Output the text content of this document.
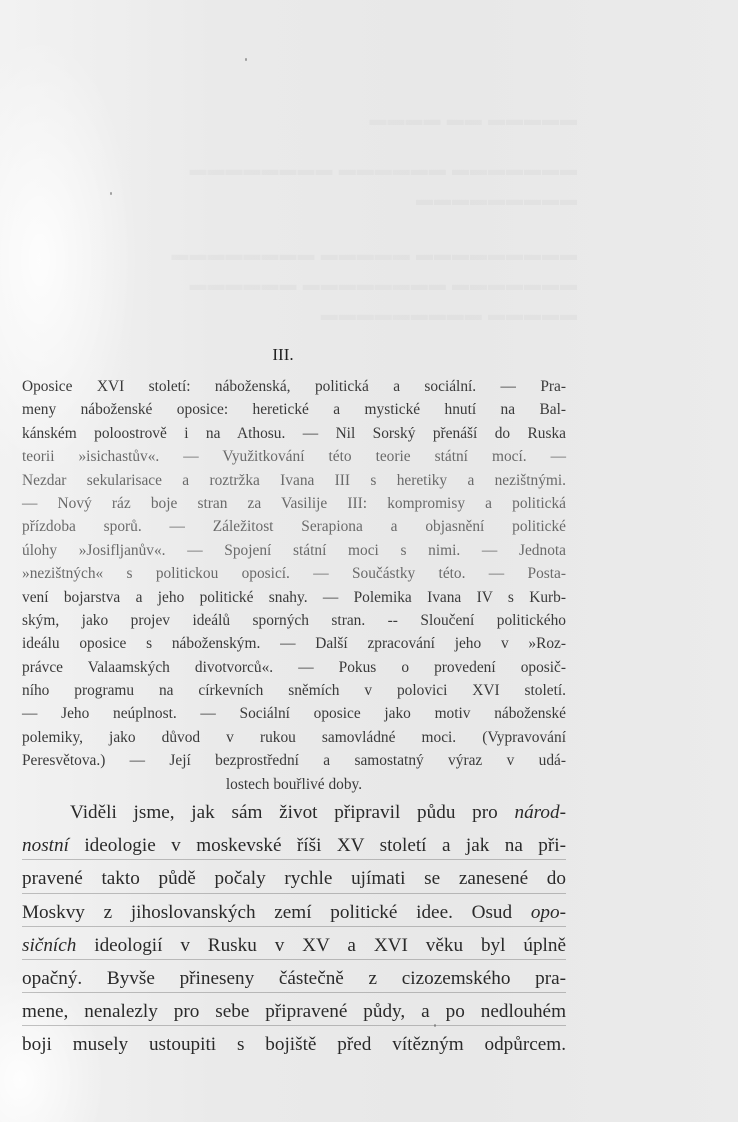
▬▬▬▬ ▬▬ ▬▬▬▬▬
▬▬▬▬▬▬▬▬ ▬▬▬▬▬▬ ▬▬▬▬▬▬▬
▬▬▬▬▬▬▬▬▬
▬▬▬▬▬▬▬▬ ▬▬▬▬▬ ▬▬▬▬▬▬▬▬▬
▬▬▬▬▬▬ ▬▬▬▬▬▬▬▬ ▬▬▬▬▬▬▬
▬▬▬▬▬▬▬▬▬ ▬▬▬▬▬
III.
Oposice XVI století: náboženská, politická a sociální. — Pra-
meny náboženské oposice: heretické a mystické hnutí na Bal-
kánském poloostrově i na Athosu. — Nil Sorský přenáší do Ruska
teorii »isichastův«. — Využitkování této teorie státní mocí. —
Nezdar sekularisace a roztržka Ivana III s heretiky a nezištnými.
— Nový ráz boje stran za Vasilije III: kompromisy a politická
přízdoba sporů. — Záležitost Serapiona a objasnění politické
úlohy »Josifljanův«. — Spojení státní moci s nimi. — Jednota
»nezištných« s politickou oposicí. — Součástky této. — Posta-
vení bojarstva a jeho politické snahy. — Polemika Ivana IV s Kurb-
ským, jako projev ideálů sporných stran. -- Sloučení politického
ideálu oposice s náboženským. — Další zpracování jeho v »Roz-
právce Valaamských divotvorců«. — Pokus o provedení oposič-
ního programu na církevních sněmích v polovici XVI století.
— Jeho neúplnost. — Sociální oposice jako motiv náboženské
polemiky, jako důvod v rukou samovládné moci. (Vypravování
Peresvětova.) — Její bezprostřední a samostatný výraz v udá-
lostech bouřlivé doby.
Viděli jsme, jak sám život připravil půdu pro národ-
nostní ideologie v moskevské říši XV století a jak na při-
pravené takto půdě počaly rychle ujímati se zanesené do
Moskvy z jihoslovanských zemí politické idee. Osud opo-
sičních ideologií v Rusku v XV a XVI věku byl úplně
opačný. Byvše přineseny částečně z cizozemského pra-
mene, nenalezly pro sebe připravené půdy, a po nedlouhém
boji musely ustoupiti s bojiště před vítězným odpůrcem.
